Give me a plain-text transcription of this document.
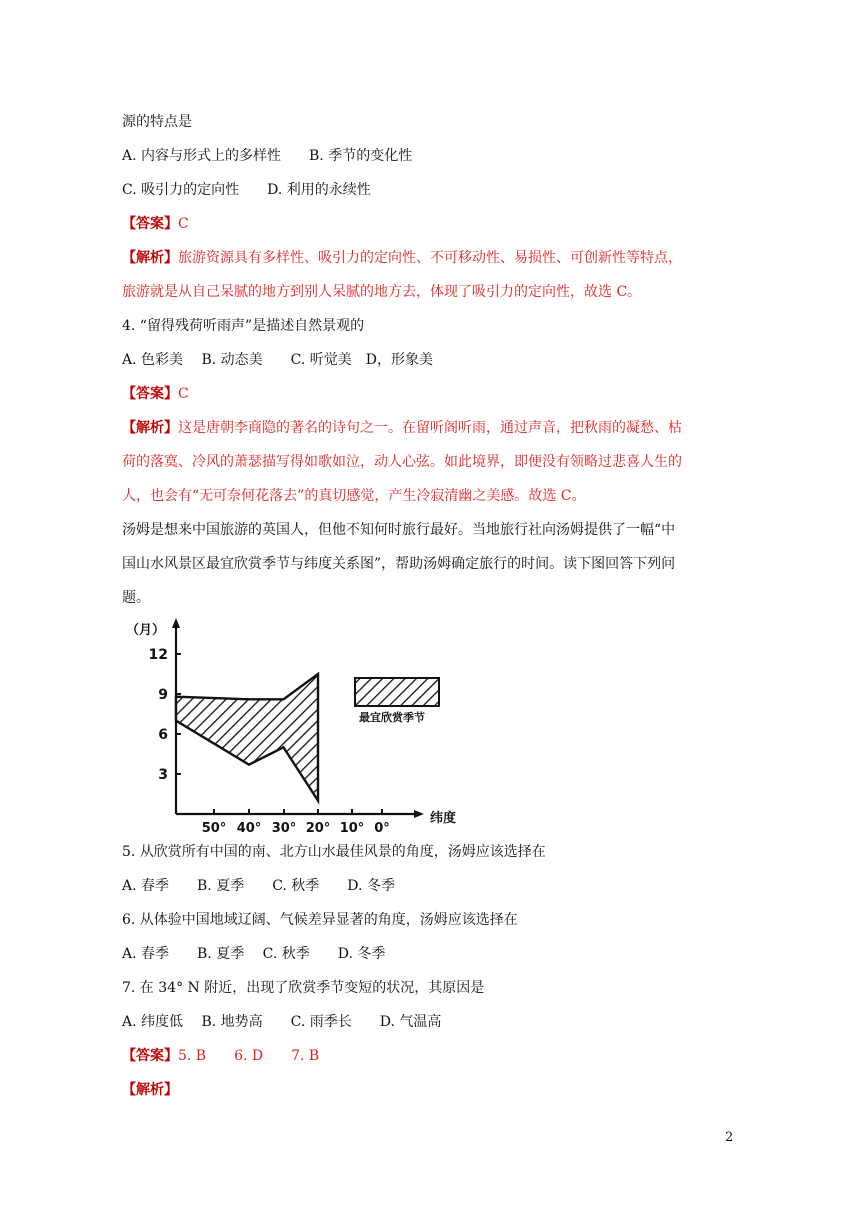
源的特点是
A. 内容与形式上的多样性　　B. 季节的变化性
C. 吸引力的定向性　　D. 利用的永续性
【答案】C
【解析】旅游资源具有多样性、吸引力的定向性、不可移动性、易损性、可创新性等特点，
旅游就是从自己呆腻的地方到别人呆腻的地方去，体现了吸引力的定向性，故选 C。
4. “留得残荷听雨声”是描述自然景观的
A. 色彩美　 B. 动态美　　C. 听觉美　D，形象美
【答案】C
【解析】这是唐朝李商隐的著名的诗句之一。在留听阁听雨，通过声音，把秋雨的凝愁、枯
荷的落寞、冷风的萧瑟描写得如歌如泣，动人心弦。如此境界，即便没有领略过悲喜人生的
人，也会有“无可奈何花落去”的真切感觉，产生冷寂清幽之美感。故选 C。
汤姆是想来中国旅游的英国人，但他不知何时旅行最好。当地旅行社向汤姆提供了一幅“中
国山水风景区最宜欣赏季节与纬度关系图”，帮助汤姆确定旅行的时间。读下图回答下列问
题。
（月）
纬度
3
6
9
12
50° 40° 30° 20° 10° 0°
最宜欣赏季节
5. 从欣赏所有中国的南、北方山水最佳风景的角度，汤姆应该选择在
A. 春季　　B. 夏季　　C. 秋季　　D. 冬季
6. 从体验中国地域辽阔、气候差异显著的角度，汤姆应该选择在
A. 春季　　B. 夏季　 C. 秋季　　D. 冬季
7. 在 34° N 附近，出现了欣赏季节变短的状况，其原因是
A. 纬度低　 B. 地势高　　C. 雨季长　　D. 气温高
【答案】5. B　　6. D　　7. B
【解析】
2
